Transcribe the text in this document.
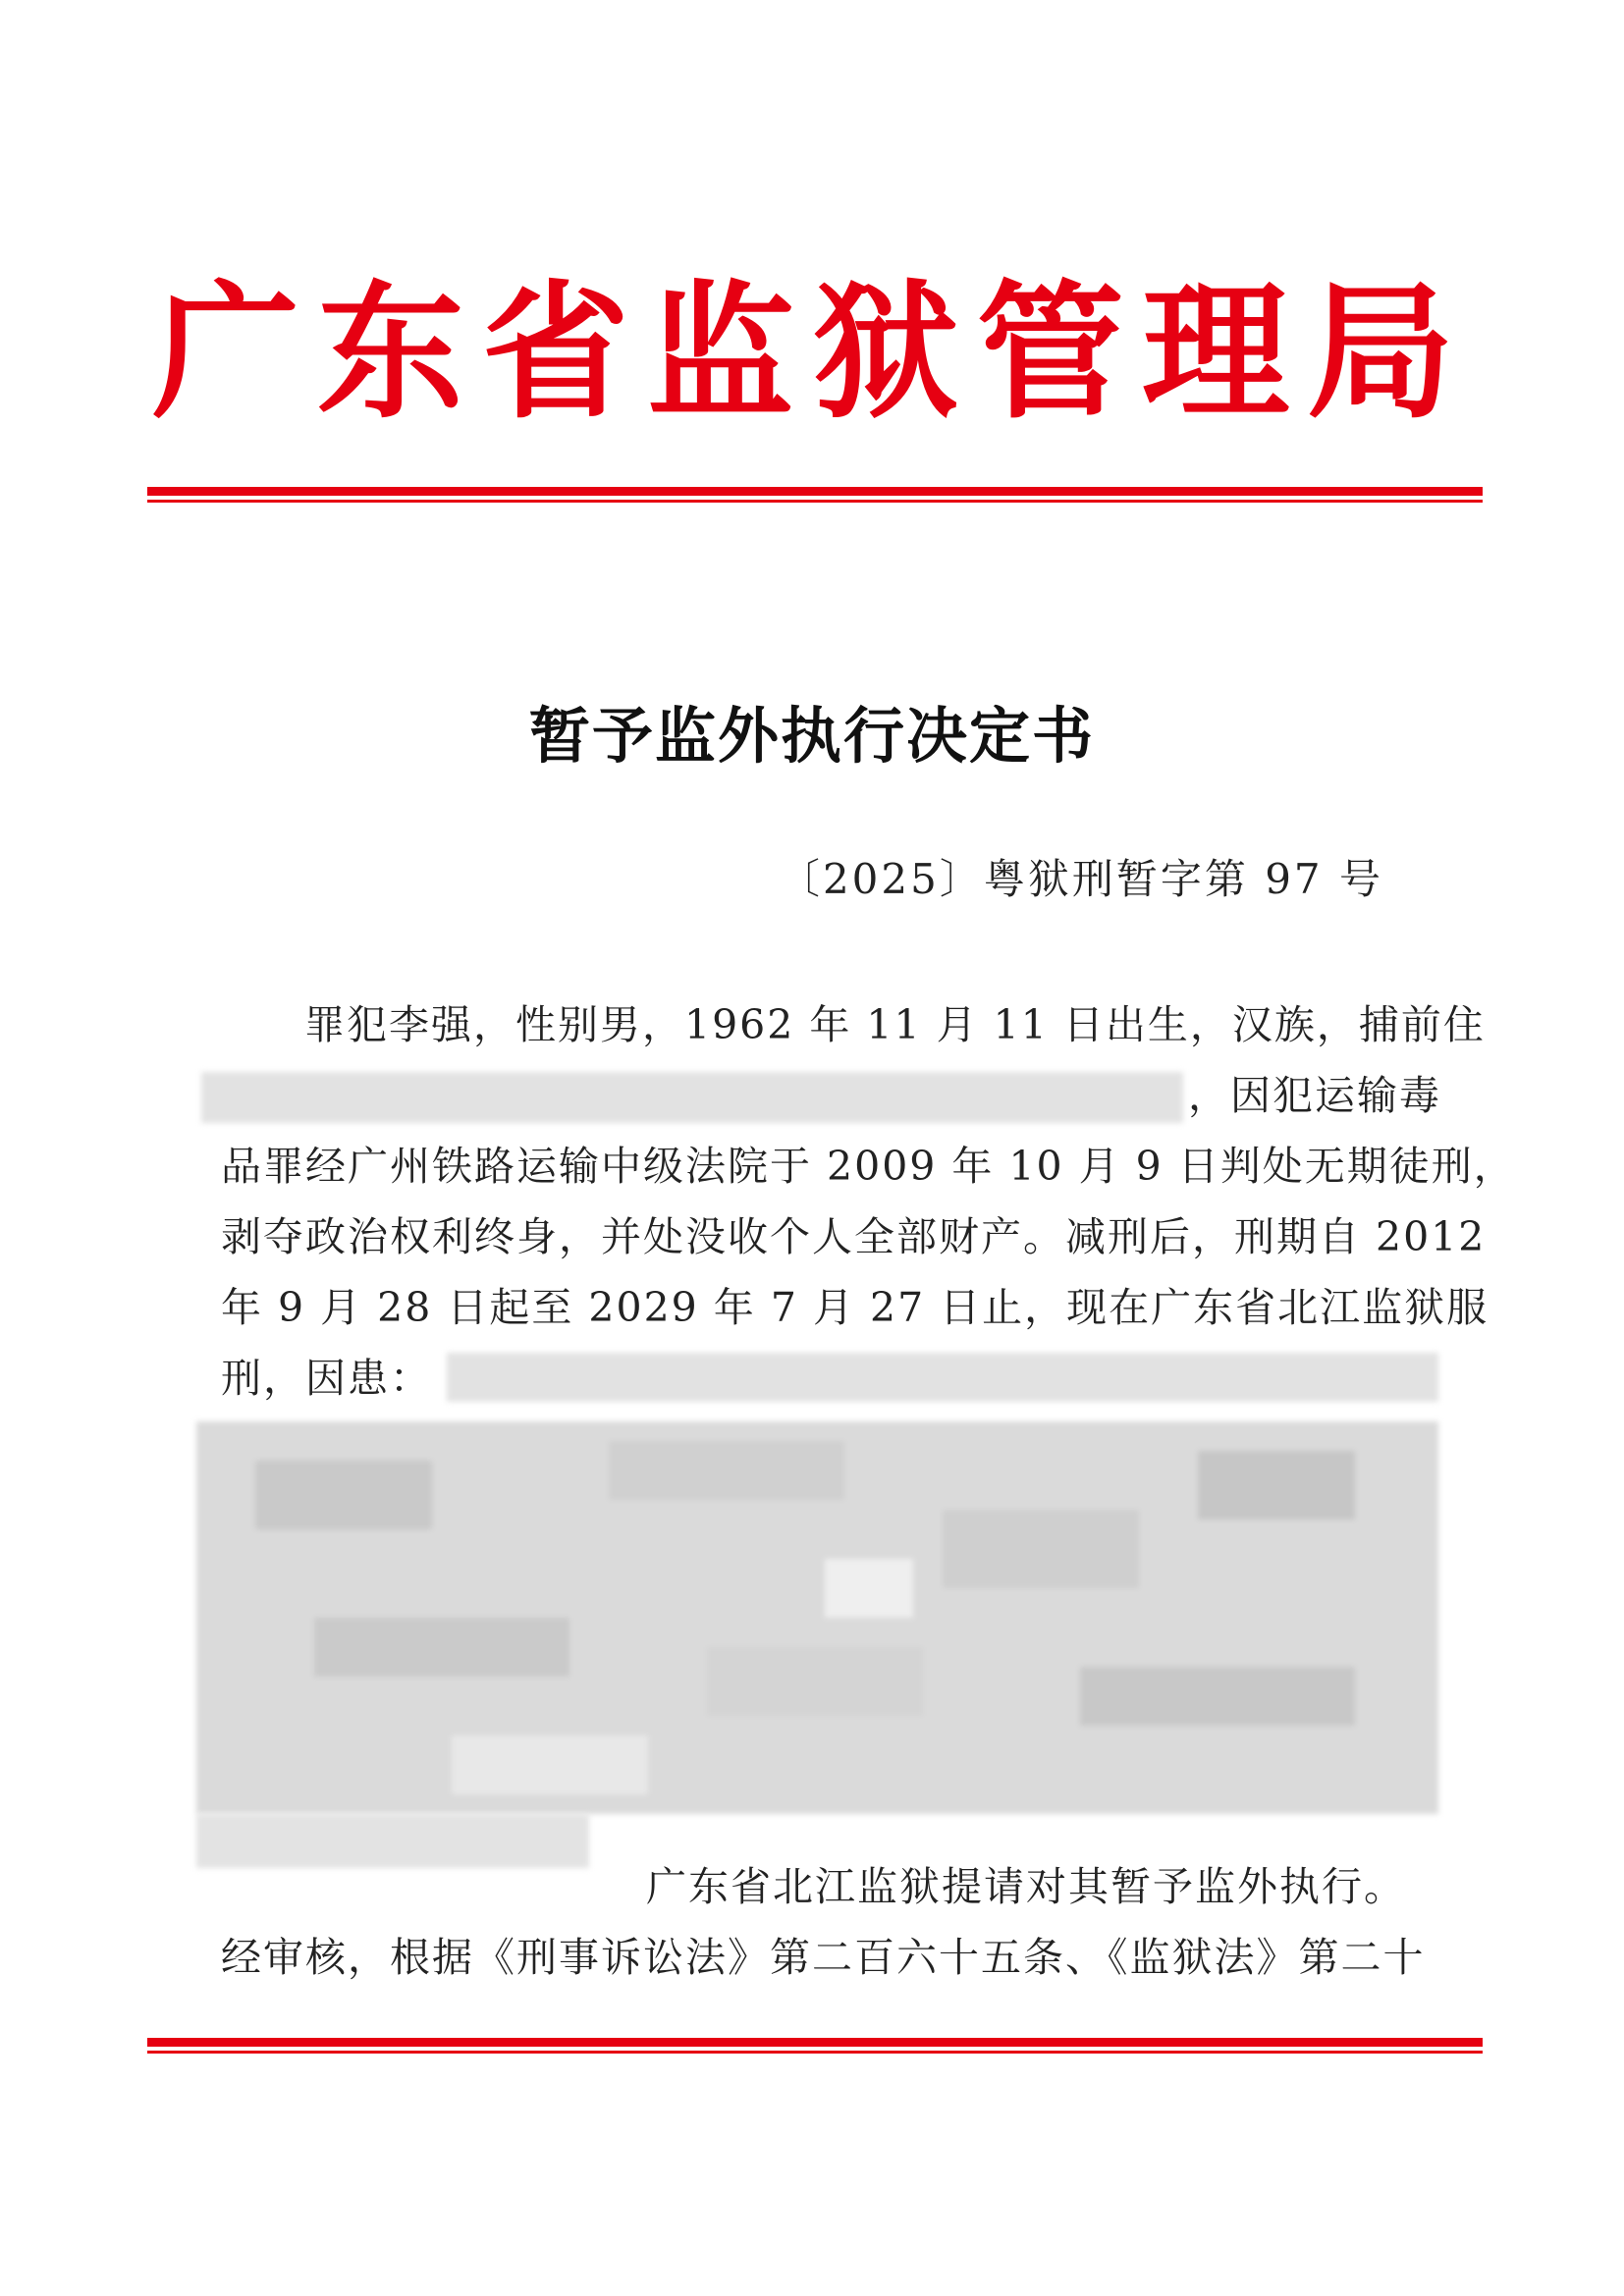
广东省监狱管理局
暂予监外执行决定书
〔2025〕粤狱刑暂字第 97 号
罪犯李强，性别男，1962 年 11 月 11 日出生，汉族，捕前住
，因犯运输毒
品罪经广州铁路运输中级法院于 2009 年 10 月 9 日判处无期徒刑，
剥夺政治权利终身，并处没收个人全部财产。减刑后，刑期自 2012
年 9 月 28 日起至 2029 年 7 月 27 日止，现在广东省北江监狱服
刑，因患：
广东省北江监狱提请对其暂予监外执行。
经审核，根据《刑事诉讼法》第二百六十五条、《监狱法》第二十
